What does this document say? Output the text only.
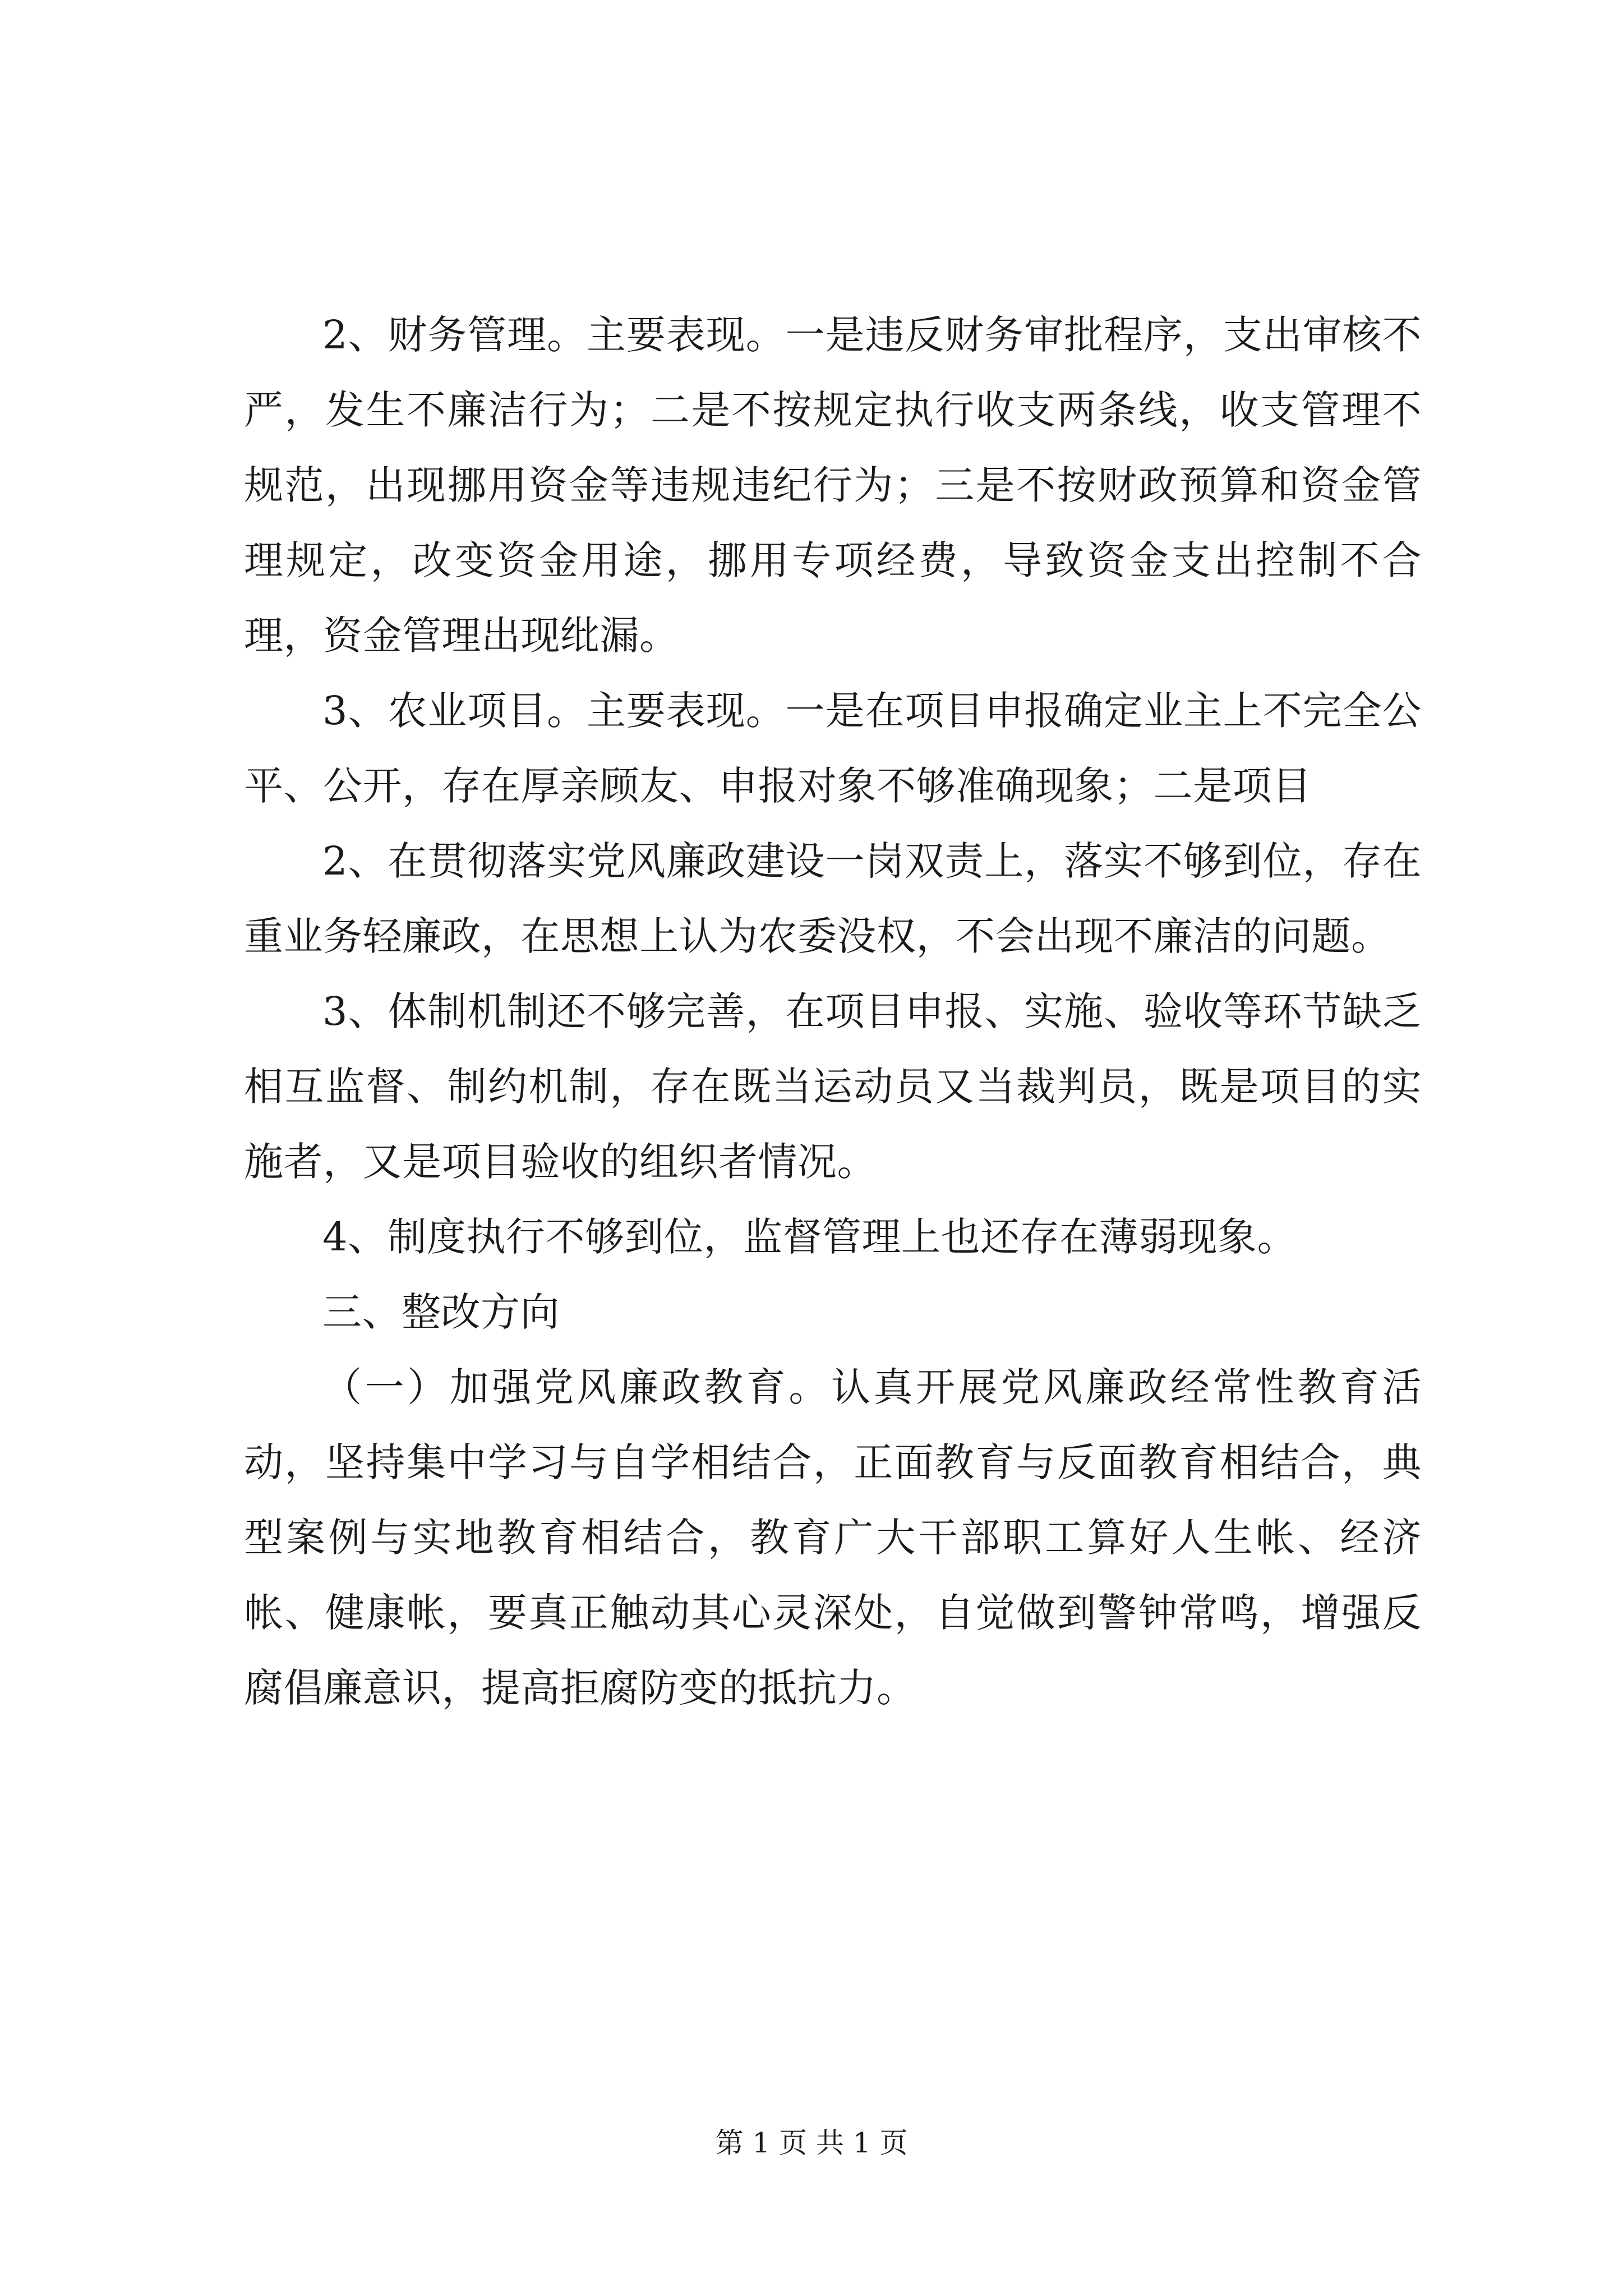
2、财务管理。主要表现。一是违反财务审批程序，支出审核不严，发生不廉洁行为；二是不按规定执行收支两条线，收支管理不规范，出现挪用资金等违规违纪行为；三是不按财政预算和资金管理规定，改变资金用途，挪用专项经费，导致资金支出控制不合理，资金管理出现纰漏。

3、农业项目。主要表现。一是在项目申报确定业主上不完全公平、公开，存在厚亲顾友、申报对象不够准确现象；二是项目

2、在贯彻落实党风廉政建设一岗双责上，落实不够到位，存在重业务轻廉政，在思想上认为农委没权，不会出现不廉洁的问题。

3、体制机制还不够完善，在项目申报、实施、验收等环节缺乏相互监督、制约机制，存在既当运动员又当裁判员，既是项目的实施者，又是项目验收的组织者情况。

4、制度执行不够到位，监督管理上也还存在薄弱现象。

三、整改方向

（一）加强党风廉政教育。认真开展党风廉政经常性教育活动，坚持集中学习与自学相结合，正面教育与反面教育相结合，典型案例与实地教育相结合，教育广大干部职工算好人生帐、经济帐、健康帐，要真正触动其心灵深处，自觉做到警钟常鸣，增强反腐倡廉意识，提高拒腐防变的抵抗力。

第 1 页 共 1 页
